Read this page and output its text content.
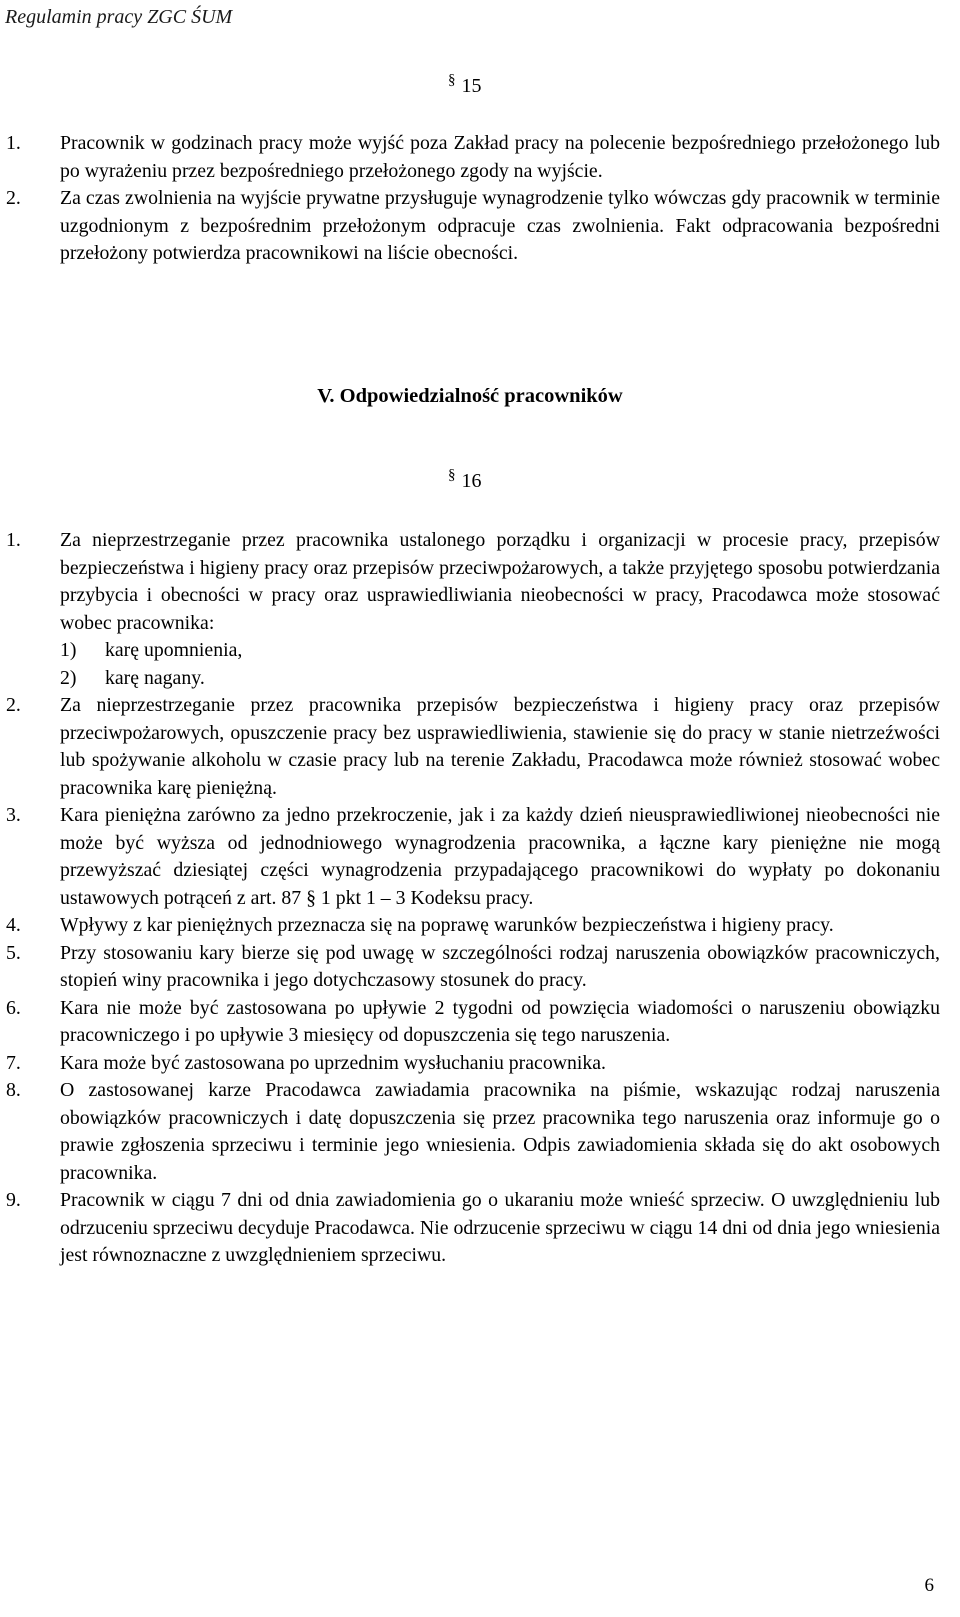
Regulamin pracy ZGC ŚUM
§ 15
1. Pracownik w godzinach pracy może wyjść poza Zakład pracy na polecenie bezpośredniego przełożonego lub po wyrażeniu przez bezpośredniego przełożonego zgody na wyjście.
2. Za czas zwolnienia na wyjście prywatne przysługuje wynagrodzenie tylko wówczas gdy pracownik w terminie uzgodnionym z bezpośrednim przełożonym odpracuje czas zwolnienia. Fakt odpracowania bezpośredni przełożony potwierdza pracownikowi na liście obecności.
V. Odpowiedzialność pracowników
§ 16
1. Za nieprzestrzeganie przez pracownika ustalonego porządku i organizacji w procesie pracy, przepisów bezpieczeństwa i higieny pracy oraz przepisów przeciwpożarowych, a także przyjętego sposobu potwierdzania przybycia i obecności w pracy oraz usprawiedliwiania nieobecności w pracy, Pracodawca może stosować wobec pracownika:
1) karę upomnienia,
2) karę nagany.
2. Za nieprzestrzeganie przez pracownika przepisów bezpieczeństwa i higieny pracy oraz przepisów przeciwpożarowych, opuszczenie pracy bez usprawiedliwienia, stawienie się do pracy w stanie nietrzeźwości lub spożywanie alkoholu w czasie pracy lub na terenie Zakładu, Pracodawca może również stosować wobec pracownika karę pieniężną.
3. Kara pieniężna zarówno za jedno przekroczenie, jak i za każdy dzień nieusprawiedliwionej nieobecności nie może być wyższa od jednodniowego wynagrodzenia pracownika, a łączne kary pieniężne nie mogą przewyższać dziesiątej części wynagrodzenia przypadającego pracownikowi do wypłaty po dokonaniu ustawowych potrąceń z art. 87 § 1 pkt 1 – 3 Kodeksu pracy.
4. Wpływy z kar pieniężnych przeznacza się na poprawę warunków bezpieczeństwa i higieny pracy.
5. Przy stosowaniu kary bierze się pod uwagę w szczególności rodzaj naruszenia obowiązków pracowniczych, stopień winy pracownika i jego dotychczasowy stosunek do pracy.
6. Kara nie może być zastosowana po upływie 2 tygodni od powzięcia wiadomości o naruszeniu obowiązku pracowniczego i po upływie 3 miesięcy od dopuszczenia się tego naruszenia.
7. Kara może być zastosowana po uprzednim wysłuchaniu pracownika.
8. O zastosowanej karze Pracodawca zawiadamia pracownika na piśmie, wskazując rodzaj naruszenia obowiązków pracowniczych i datę dopuszczenia się przez pracownika tego naruszenia oraz informuje go o prawie zgłoszenia sprzeciwu i terminie jego wniesienia. Odpis zawiadomienia składa się do akt osobowych pracownika.
9. Pracownik w ciągu 7 dni od dnia zawiadomienia go o ukaraniu może wnieść sprzeciw. O uwzględnieniu lub odrzuceniu sprzeciwu decyduje Pracodawca. Nie odrzucenie sprzeciwu w ciągu 14 dni od dnia jego wniesienia jest równoznaczne z uwzględnieniem sprzeciwu.
6
